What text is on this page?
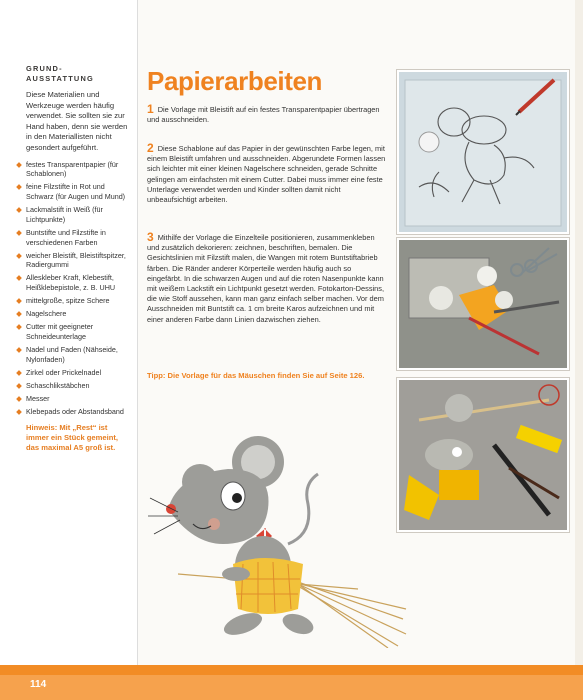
GRUND-
AUSSTATTUNG
Diese Materialien und Werkzeuge werden häufig verwendet. Sie sollten sie zur Hand haben, denn sie werden in den Materiallisten nicht gesondert aufgeführt.
festes Transparentpapier (für Schablonen)
feine Filzstifte in Rot und Schwarz (für Augen und Mund)
Lackmalstift in Weiß (für Lichtpunkte)
Buntstifte und Filzstifte in verschiedenen Farben
weicher Bleistift, Bleistiftspitzer, Radiergummi
Alleskleber Kraft, Klebestift, Heißklebepistole, z. B. UHU
mittelgroße, spitze Schere
Nagelschere
Cutter mit geeigneter Schneideunterlage
Nadel und Faden (Nähseide, Nylonfaden)
Zirkel oder Prickelnadel
Schaschlikstäbchen
Messer
Klebepads oder Abstandsband
Hinweis: Mit „Rest“ ist immer ein Stück gemeint, das maximal A5 groß ist.
Papierarbeiten

1 Die Vorlage mit Bleistift auf ein festes Transparentpapier übertragen und ausschneiden.

2 Diese Schablone auf das Papier in der gewünschten Farbe legen, mit einem Bleistift umfahren und ausschneiden. Abgerundete Formen lassen sich leichter mit einer kleinen Nagelschere schneiden, gerade Schnitte gelingen am einfachsten mit einem Cutter. Dabei muss immer eine feste Unterlage verwendet werden und Kinder sollten damit nicht unbeaufsichtigt arbeiten.

3 Mithilfe der Vorlage die Einzelteile positionieren, zusammenkleben und zusätzlich dekorieren: zeichnen, beschriften, bemalen. Die Gesichtslinien mit Filzstift malen, die Wangen mit rotem Buntstiftabrieb färben. Die Ränder anderer Körperteile werden häufig auch so eingefärbt. In die schwarzen Augen und auf die roten Nasenpunkte kann mit weißem Lackstift ein Lichtpunkt gesetzt werden. Fotokarton-Dessins, die wie Stoff aussehen, kann man ganz einfach selber machen. Vor dem Ausschneiden mit Buntstift ca. 1 cm breite Karos aufzeichnen und mit einer anderen Farbe dann Linien dazwischen ziehen.

Tipp: Die Vorlage für das Mäuschen finden Sie auf Seite 126.

114
